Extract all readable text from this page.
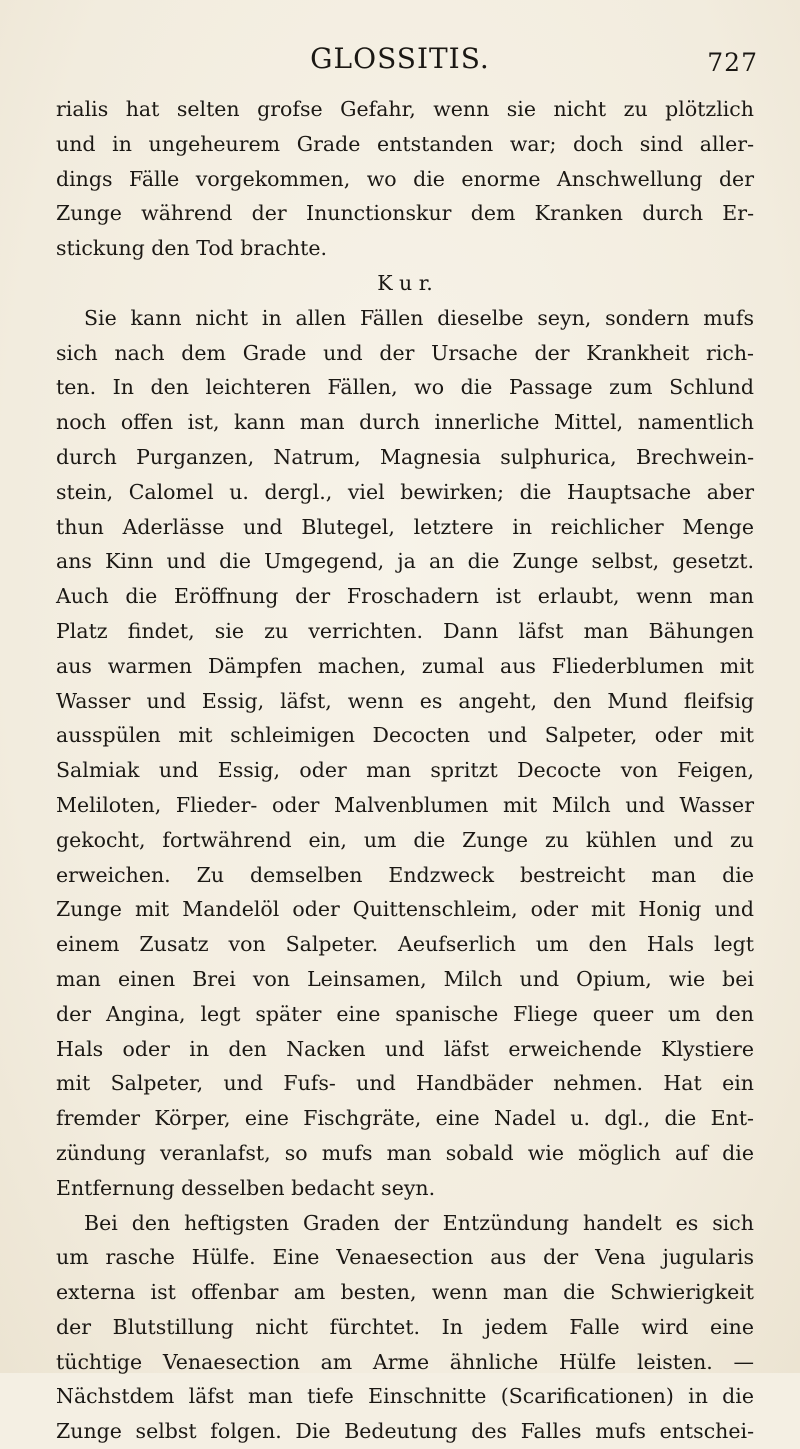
GLOSSITIS.	727
rialis hat selten grofse Gefahr, wenn sie nicht zu plötzlich
und in ungeheurem Grade entstanden war; doch sind aller-
dings Fälle vorgekommen, wo die enorme Anschwellung der
Zunge während der Inunctionskur dem Kranken durch Er-
stickung den Tod brachte.
K u r.
Sie kann nicht in allen Fällen dieselbe seyn, sondern mufs
sich nach dem Grade und der Ursache der Krankheit rich-
ten. In den leichteren Fällen, wo die Passage zum Schlund
noch offen ist, kann man durch innerliche Mittel, namentlich
durch Purganzen, Natrum, Magnesia sulphurica, Brechwein-
stein, Calomel u. dergl., viel bewirken; die Hauptsache aber
thun Aderlässe und Blutegel, letztere in reichlicher Menge
ans Kinn und die Umgegend, ja an die Zunge selbst, gesetzt.
Auch die Eröffnung der Froschadern ist erlaubt, wenn man
Platz findet, sie zu verrichten. Dann läfst man Bähungen
aus warmen Dämpfen machen, zumal aus Fliederblumen mit
Wasser und Essig, läfst, wenn es angeht, den Mund fleifsig
ausspülen mit schleimigen Decocten und Salpeter, oder mit
Salmiak und Essig, oder man spritzt Decocte von Feigen,
Meliloten, Flieder- oder Malvenblumen mit Milch und Wasser
gekocht, fortwährend ein, um die Zunge zu kühlen und zu
erweichen. Zu demselben Endzweck bestreicht man die
Zunge mit Mandelöl oder Quittenschleim, oder mit Honig und
einem Zusatz von Salpeter. Aeufserlich um den Hals legt
man einen Brei von Leinsamen, Milch und Opium, wie bei
der Angina, legt später eine spanische Fliege queer um den
Hals oder in den Nacken und läfst erweichende Klystiere
mit Salpeter, und Fufs- und Handbäder nehmen. Hat ein
fremder Körper, eine Fischgräte, eine Nadel u. dgl., die Ent-
zündung veranlafst, so mufs man sobald wie möglich auf die
Entfernung desselben bedacht seyn.
Bei den heftigsten Graden der Entzündung handelt es sich
um rasche Hülfe. Eine Venaesection aus der Vena jugularis
externa ist offenbar am besten, wenn man die Schwierigkeit
der Blutstillung nicht fürchtet. In jedem Falle wird eine
tüchtige Venaesection am Arme ähnliche Hülfe leisten. —
Nächstdem läfst man tiefe Einschnitte (Scarificationen) in die
Zunge selbst folgen. Die Bedeutung des Falles mufs entschei-
